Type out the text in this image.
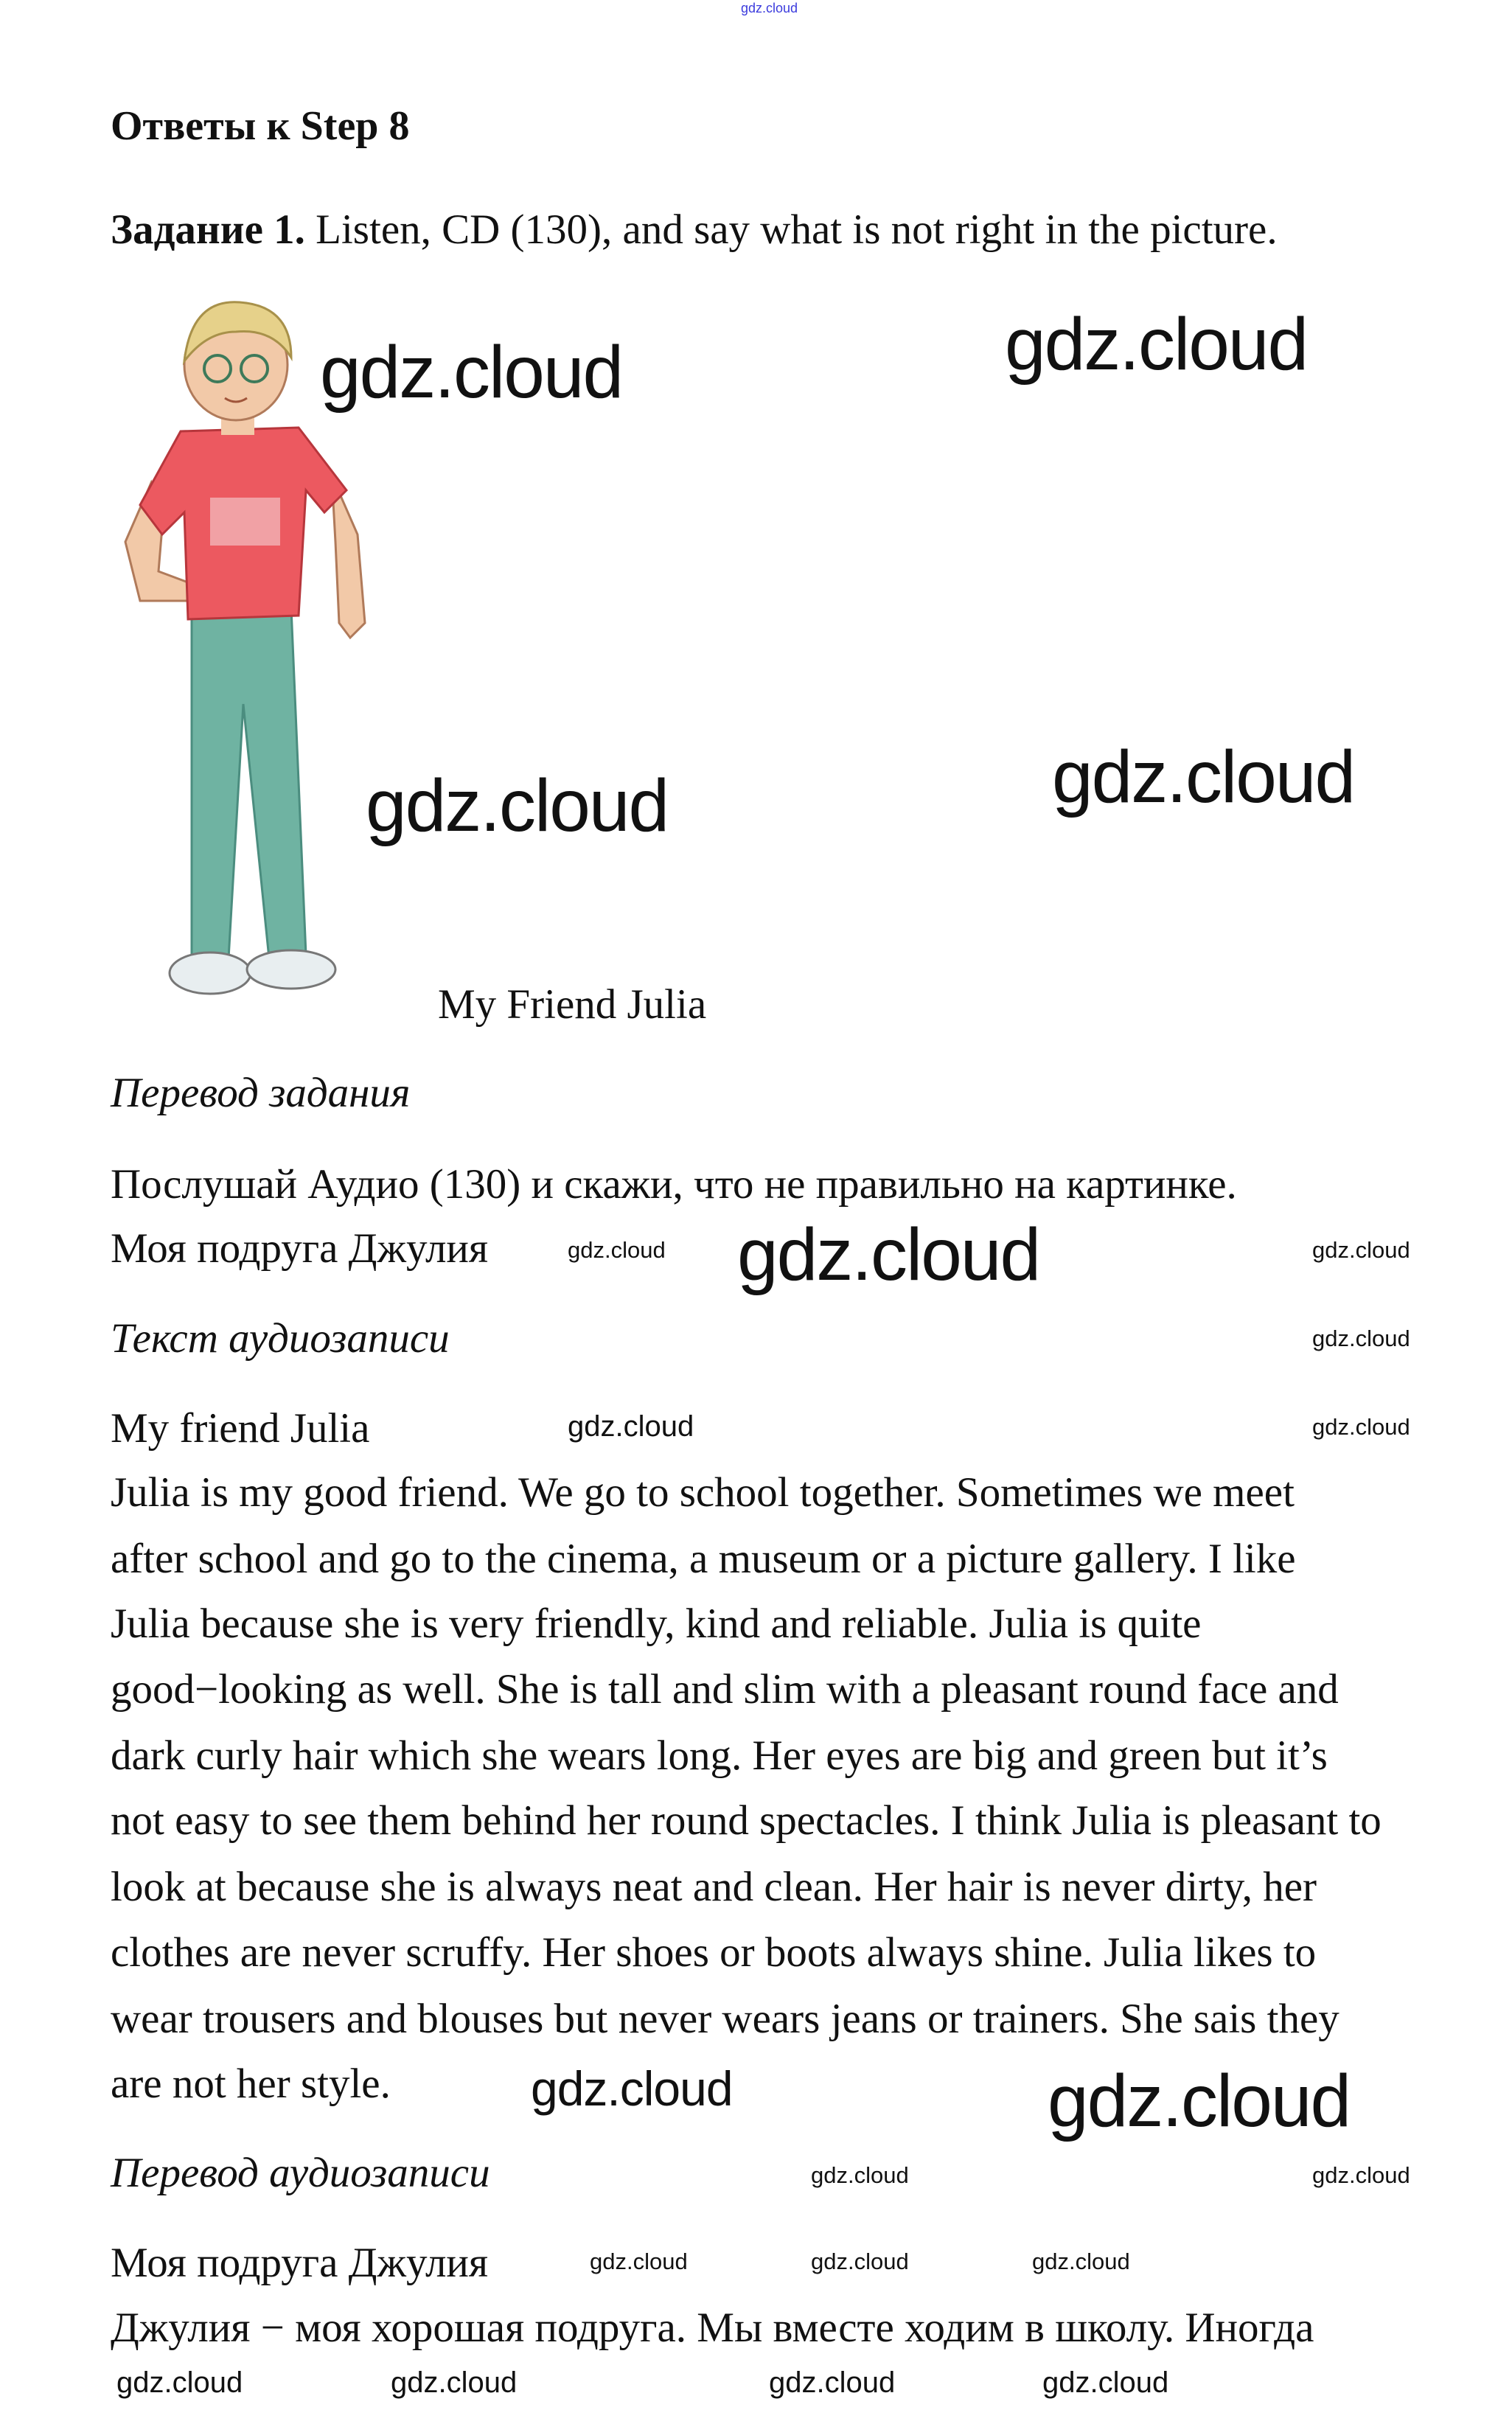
gdz.cloud
Ответы к Step 8
Задание 1. Listen, CD (130), and say what is not right in the picture.
My Friend Julia
Перевод задания
Послушай Аудио (130) и скажи, что не правильно на картинке.
Моя подруга Джулия
Текст аудиозаписи
My friend Julia
Julia is my good friend. We go to school together. Sometimes we meet
after school and go to the cinema, a museum or a picture gallery. I like
Julia because she is very friendly, kind and reliable. Julia is quite
good−looking as well. She is tall and slim with a pleasant round face and
dark curly hair which she wears long. Her eyes are big and green but it’s
not easy to see them behind her round spectacles. I think Julia is pleasant to
look at because she is always neat and clean. Her hair is never dirty, her
clothes are never scruffy. Her shoes or boots always shine. Julia likes to
wear trousers and blouses but never wears jeans or trainers. She sais they
are not her style.
Перевод аудиозаписи
Моя подруга Джулия
Джулия − моя хорошая подруга. Мы вместе ходим в школу. Иногда
gdz.cloud	gdz.cloud
gdz.cloud	gdz.cloud
gdz.cloud
gdz.cloud
gdz.cloud
gdz.cloud
gdz.cloud
gdz.cloud
gdz.cloud	gdz.cloud
gdz.cloud
gdz.cloud	gdz.cloud	gdz.cloud	gdz.cloud
gdz.cloud	gdz.cloud
gdz.cloud
gdz.cloud
